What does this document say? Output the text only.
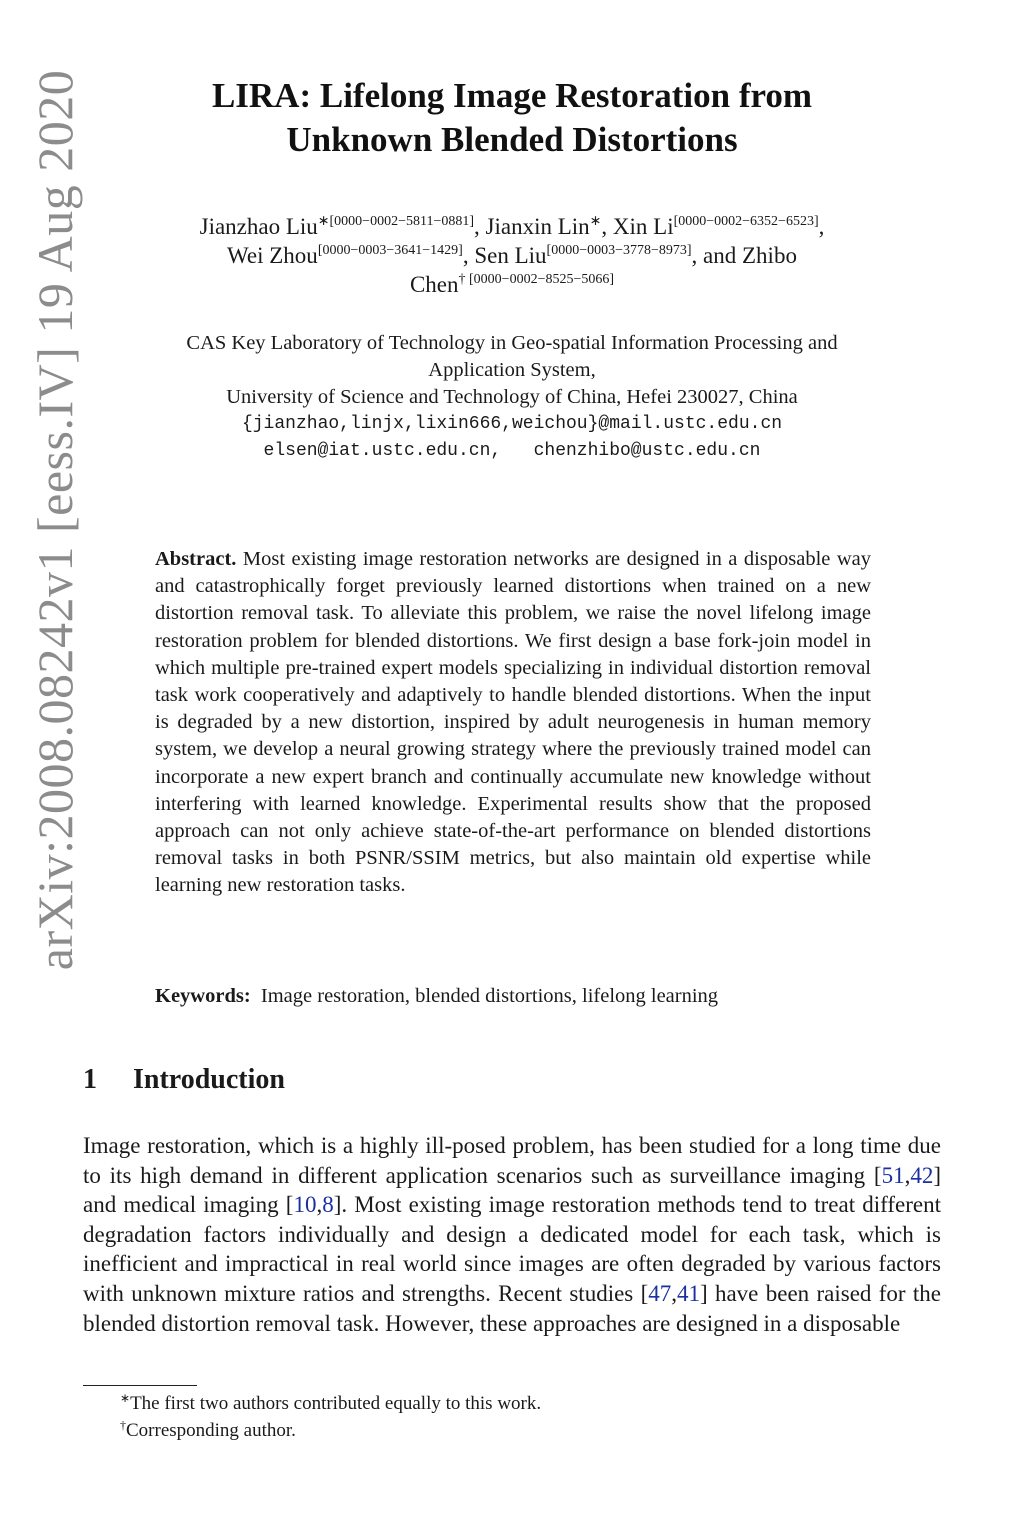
arXiv:2008.08242v1 [eess.IV] 19 Aug 2020	LIRA: Lifelong Image Restoration from
Unknown Blended Distortions
Jianzhao Liu$^{∗[0000-0002-5811-0881]}$, Jianxin Lin∗, Xin Li[0000−0002−6352−6523],
Wei Zhou[0000−0003−3641−1429], Sen Liu[0000−0003−3778−8973], and Zhibo
Chen$^{\dagger [0000-0002-8525-5066]}$
CAS Key Laboratory of Technology in Geo-spatial Information Processing and
Application System,
University of Science and Technology of China, Hefei 230027, China
{jianzhao,linjx,lixin666,weichou}@mail.ustc.edu.cn
elsen@iat.ustc.edu.cn, chenzhibo@ustc.edu.cn
Abstract. Most existing image restoration networks are designed in a disposable way and catastrophically forget previously learned distortions when trained on a new distortion removal task. To alleviate this problem, we raise the novel lifelong image restoration problem for blended distortions. We first design a base fork-join model in which multiple pre-trained expert models specializing in individual distortion removal task work cooperatively and adaptively to handle blended distortions. When the input is degraded by a new distortion, inspired by adult neurogenesis in human memory system, we develop a neural growing strategy where the previously trained model can incorporate a new expert branch and continually accumulate new knowledge without interfering with learned knowledge. Experimental results show that the proposed approach can not only achieve state-of-the-art performance on blended distortions removal tasks in both PSNR/SSIM metrics, but also maintain old expertise while learning new restoration tasks.
Keywords: Image restoration, blended distortions, lifelong learning
1 Introduction
Image restoration, which is a highly ill-posed problem, has been studied for a long time due to its high demand in different application scenarios such as surveillance imaging [51,42] and medical imaging [10,8]. Most existing image restoration methods tend to treat different degradation factors individually and design a dedicated model for each task, which is inefficient and impractical in real world since images are often degraded by various factors with unknown mixture ratios and strengths. Recent studies [47,41] have been raised for the blended distortion removal task. However, these approaches are designed in a disposable
∗The first two authors contributed equally to this work.
†Corresponding author.
